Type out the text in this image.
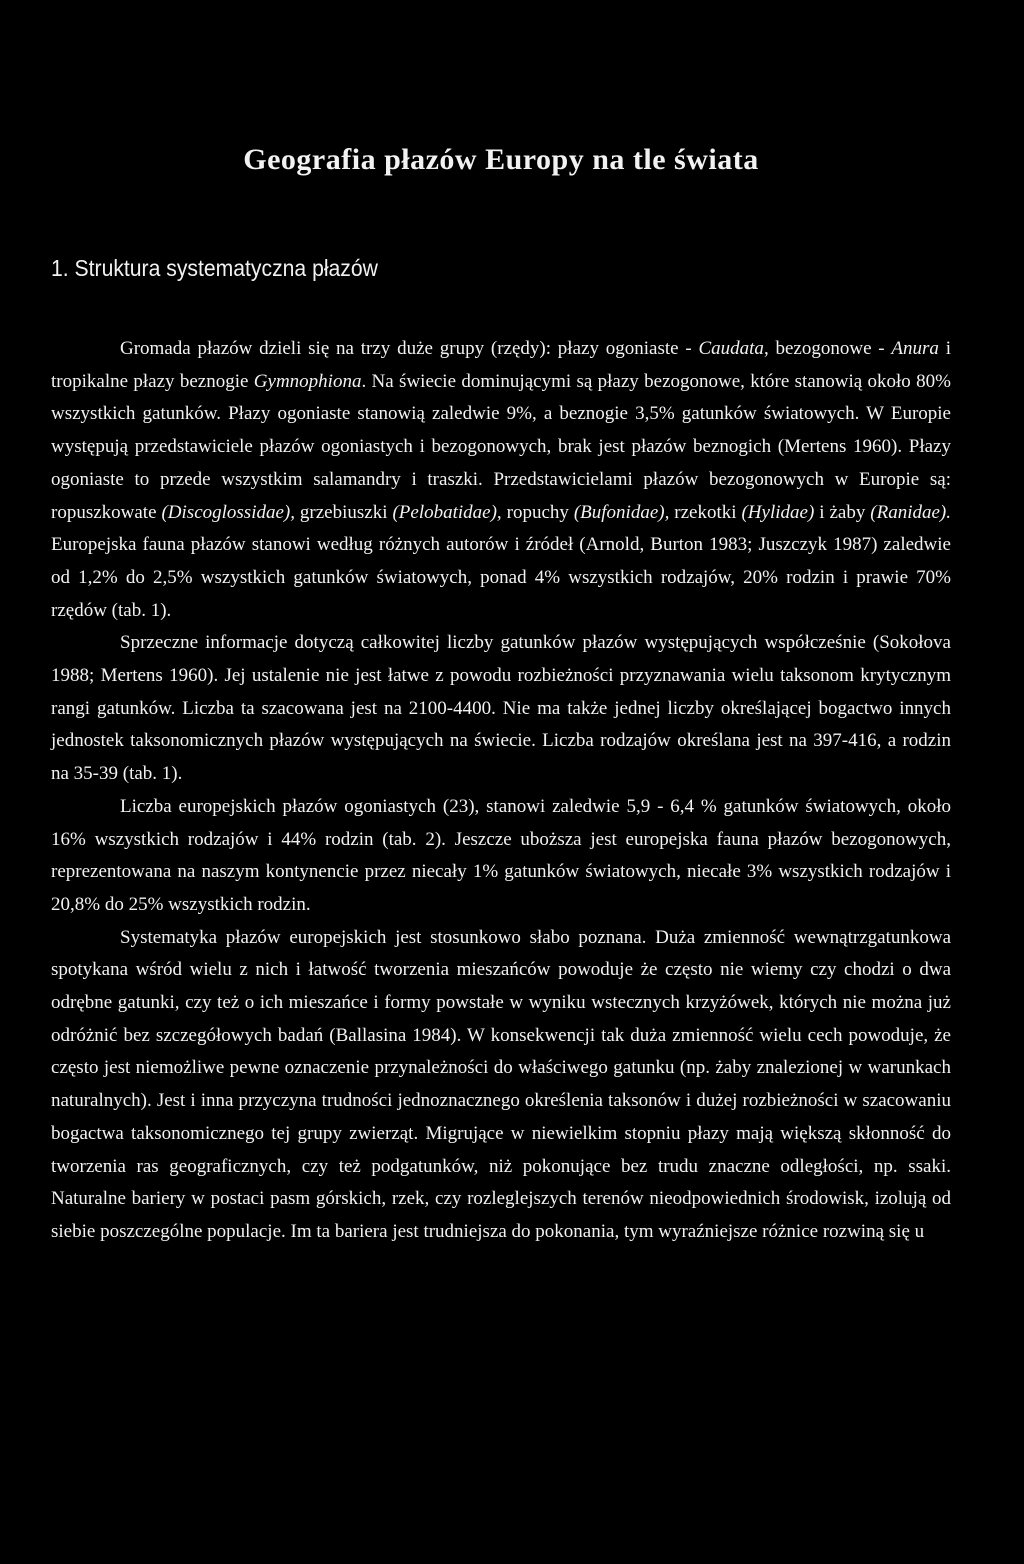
Geografia płazów Europy na tle świata
1. Struktura systematyczna płazów

Gromada płazów dzieli się na trzy duże grupy (rzędy): płazy ogoniaste - Caudata, bezogonowe - Anura i tropikalne płazy beznogie Gymnophiona. Na świecie dominującymi są płazy bezogonowe, które stanowią około 80% wszystkich gatunków. Płazy ogoniaste stanowią zaledwie 9%, a beznogie 3,5% gatunków światowych. W Europie występują przedstawiciele płazów ogoniastych i bezogonowych, brak jest płazów beznogich (Mertens 1960). Płazy ogoniaste to przede wszystkim salamandry i traszki. Przedstawicielami płazów bezogonowych w Europie są: ropuszkowate (Discoglossidae), grzebiuszki (Pelobatidae), ropuchy (Bufonidae), rzekotki (Hylidae) i żaby (Ranidae). Europejska fauna płazów stanowi według różnych autorów i źródeł (Arnold, Burton 1983; Juszczyk 1987) zaledwie od 1,2% do 2,5% wszystkich gatunków światowych, ponad 4% wszystkich rodzajów, 20% rodzin i prawie 70% rzędów (tab. 1).

Sprzeczne informacje dotyczą całkowitej liczby gatunków płazów występujących współcześnie (Sokołova 1988; Mertens 1960). Jej ustalenie nie jest łatwe z powodu rozbieżności przyznawania wielu taksonom krytycznym rangi gatunków. Liczba ta szacowana jest na 2100-4400. Nie ma także jednej liczby określającej bogactwo innych jednostek taksonomicznych płazów występujących na świecie. Liczba rodzajów określana jest na 397-416, a rodzin na 35-39 (tab. 1).

Liczba europejskich płazów ogoniastych (23), stanowi zaledwie 5,9 - 6,4 % gatunków światowych, około 16% wszystkich rodzajów i 44% rodzin (tab. 2). Jeszcze uboższa jest europejska fauna płazów bezogonowych, reprezentowana na naszym kontynencie przez niecały 1% gatunków światowych, niecałe 3% wszystkich rodzajów i 20,8% do 25% wszystkich rodzin.

Systematyka płazów europejskich jest stosunkowo słabo poznana. Duża zmienność wewnątrzgatunkowa spotykana wśród wielu z nich i łatwość tworzenia mieszańców powoduje że często nie wiemy czy chodzi o dwa odrębne gatunki, czy też o ich mieszańce i formy powstałe w wyniku wstecznych krzyżówek, których nie można już odróżnić bez szczegółowych badań (Ballasina 1984). W konsekwencji tak duża zmienność wielu cech powoduje, że często jest niemożliwe pewne oznaczenie przynależności do właściwego gatunku (np. żaby znalezionej w warunkach naturalnych). Jest i inna przyczyna trudności jednoznacznego określenia taksonów i dużej rozbieżności w szacowaniu bogactwa taksonomicznego tej grupy zwierząt. Migrujące w niewielkim stopniu płazy mają większą skłonność do tworzenia ras geograficznych, czy też podgatunków, niż pokonujące bez trudu znaczne odległości, np. ssaki. Naturalne bariery w postaci pasm górskich, rzek, czy rozleglejszych terenów nieodpowiednich środowisk, izolują od siebie poszczególne populacje. Im ta bariera jest trudniejsza do pokonania, tym wyraźniejsze różnice rozwiną się u
